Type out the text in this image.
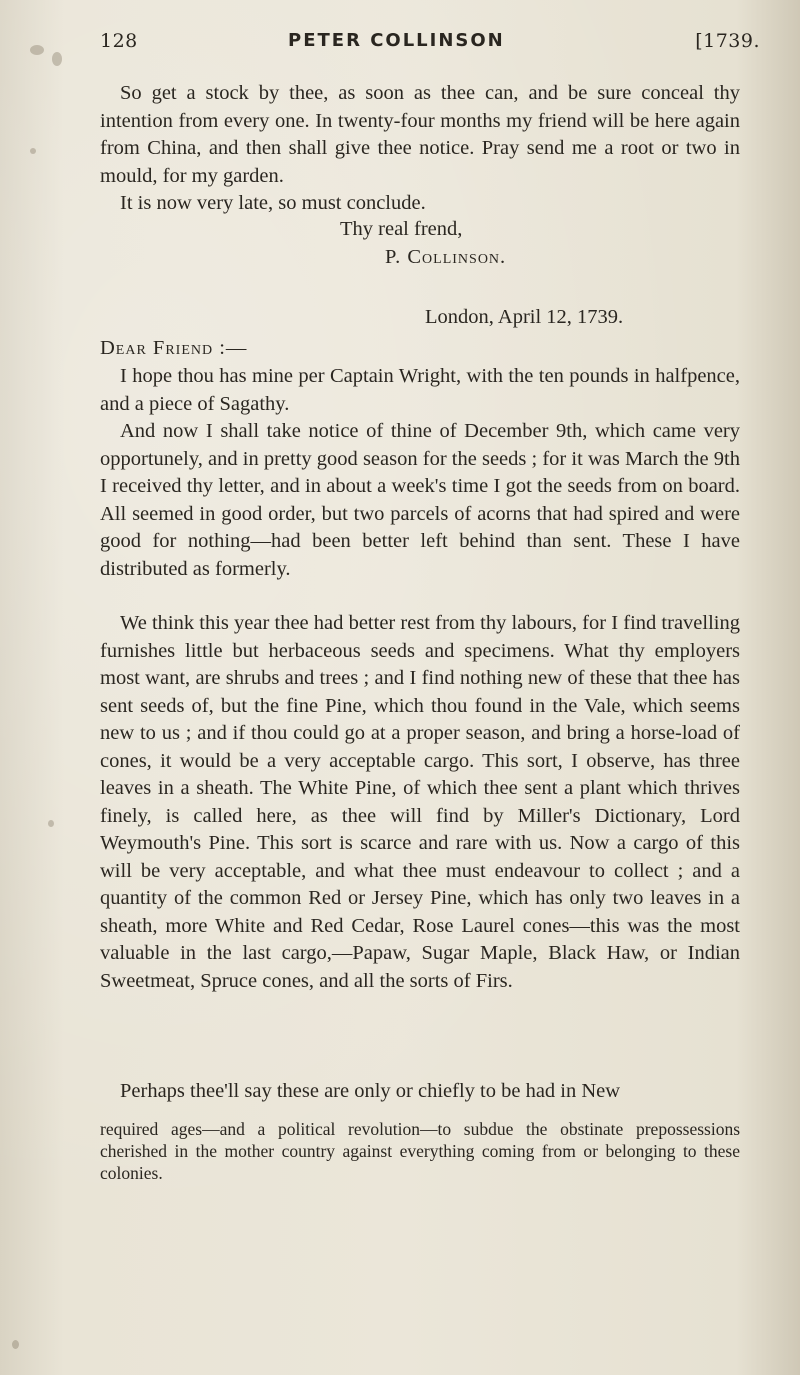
128	PETER COLLINSON	[1739.
So get a stock by thee, as soon as thee can, and be sure conceal thy intention from every one. In twenty-four months my friend will be here again from China, and then shall give thee notice. Pray send me a root or two in mould, for my garden.
It is now very late, so must conclude.
Thy real frend,
P. Collinson.
London, April 12, 1739.
Dear Friend :—
I hope thou has mine per Captain Wright, with the ten pounds in halfpence, and a piece of Sagathy.
And now I shall take notice of thine of December 9th, which came very opportunely, and in pretty good season for the seeds ; for it was March the 9th I received thy letter, and in about a week's time I got the seeds from on board. All seemed in good order, but two parcels of acorns that had spired and were good for nothing—had been better left behind than sent. These I have distributed as formerly.
We think this year thee had better rest from thy labours, for I find travelling furnishes little but herbaceous seeds and specimens. What thy employers most want, are shrubs and trees ; and I find nothing new of these that thee has sent seeds of, but the fine Pine, which thou found in the Vale, which seems new to us ; and if thou could go at a proper season, and bring a horse-load of cones, it would be a very acceptable cargo. This sort, I observe, has three leaves in a sheath. The White Pine, of which thee sent a plant which thrives finely, is called here, as thee will find by Miller's Dictionary, Lord Weymouth's Pine. This sort is scarce and rare with us. Now a cargo of this will be very acceptable, and what thee must endeavour to collect ; and a quantity of the common Red or Jersey Pine, which has only two leaves in a sheath, more White and Red Cedar, Rose Laurel cones—this was the most valuable in the last cargo,—Papaw, Sugar Maple, Black Haw, or Indian Sweetmeat, Spruce cones, and all the sorts of Firs.
Perhaps thee'll say these are only or chiefly to be had in New
required ages—and a political revolution—to subdue the obstinate prepossessions cherished in the mother country against everything coming from or belonging to these colonies.
